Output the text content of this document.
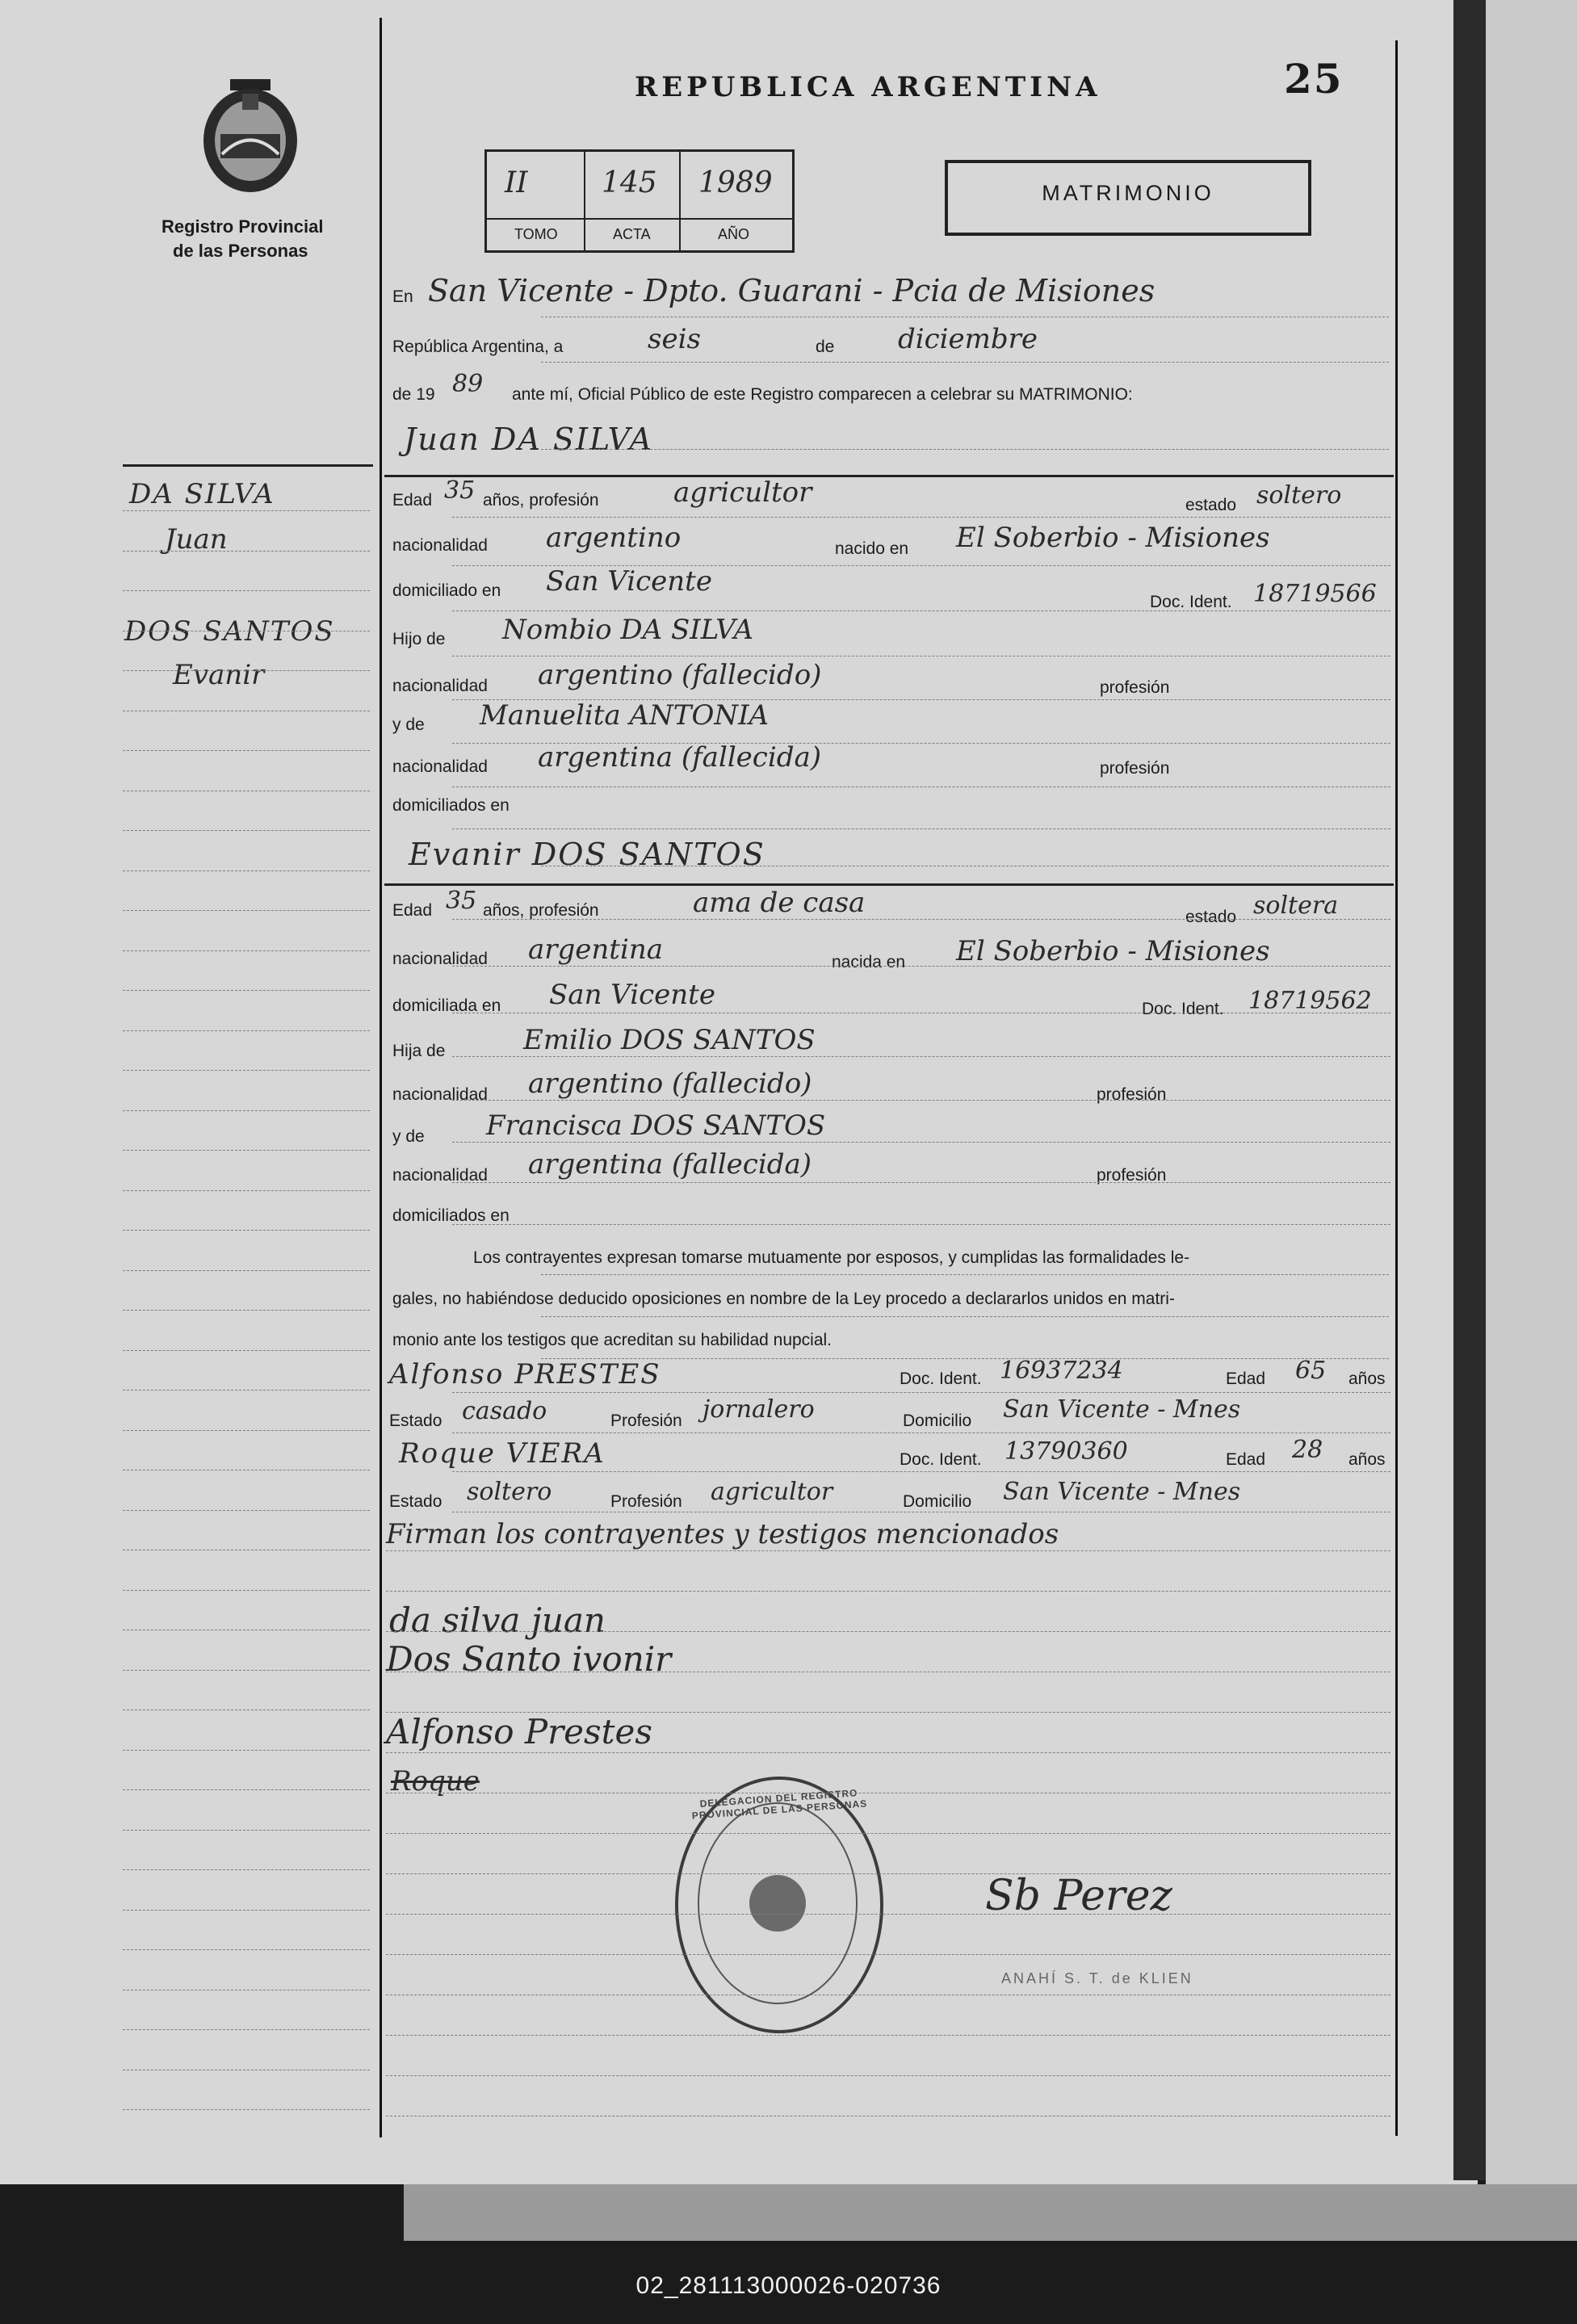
Registro Provincial
de las Personas
REPUBLICA ARGENTINA	25
II	145 1989
TOMO	ACTA	AÑO
MATRIMONIO
DA SILVA
Juan
DOS SANTOS
Evanir
En San Vicente - Dpto. Guarani - Pcia de Misiones
República Argentina, a	seis	de diciembre
de 19 89 ante mí, Oficial Público de este Registro comparecen a celebrar su MATRIMONIO:
Juan DA SILVA
Edad 35 años, profesión	agricultor	estado soltero
nacionalidad argentino	nacido en El Soberbio - Misiones
domiciliado en San Vicente
Doc. Ident. 18719566
Hijo de Nombio DA SILVA
nacionalidad argentino (fallecido)	profesión
y de Manuelita ANTONIA
nacionalidad argentina (fallecida)	profesión
domiciliados en
Evanir DOS SANTOS
Edad 35 años, profesión	ama de casa	estado soltera
nacionalidad argentina	nacida en El Soberbio - Misiones
domiciliada en San Vicente	Doc. Ident. 18719562
Hija de	Emilio DOS SANTOS
nacionalidad argentino (fallecido)	profesión
y de Francisca DOS SANTOS
nacionalidad argentina (fallecida)	profesión
domiciliados en
Los contrayentes expresan tomarse mutuamente por esposos, y cumplidas las formalidades le-
gales, no habiéndose deducido oposiciones en nombre de la Ley procedo a declararlos unidos en matri-
monio ante los testigos que acreditan su habilidad nupcial.
Alfonso PRESTES	Doc. Ident. 16937234	Edad 65 años
Estado casado	Profesión jornalero	Domicilio San Vicente - Mnes
Roque VIERA	Doc. Ident. 13790360	Edad 28 años
Estado soltero	Profesión agricultor	Domicilio San Vicente - Mnes
Firman los contrayentes y testigos mencionados
da silva juan
Dos Santo ivonir
Alfonso Prestes
Roque
Sb Perez
ANAHÍ S. T. de KLIEN
DELEGACION DEL REGISTRO PROVINCIAL DE LAS PERSONAS
02_281113000026-020736
